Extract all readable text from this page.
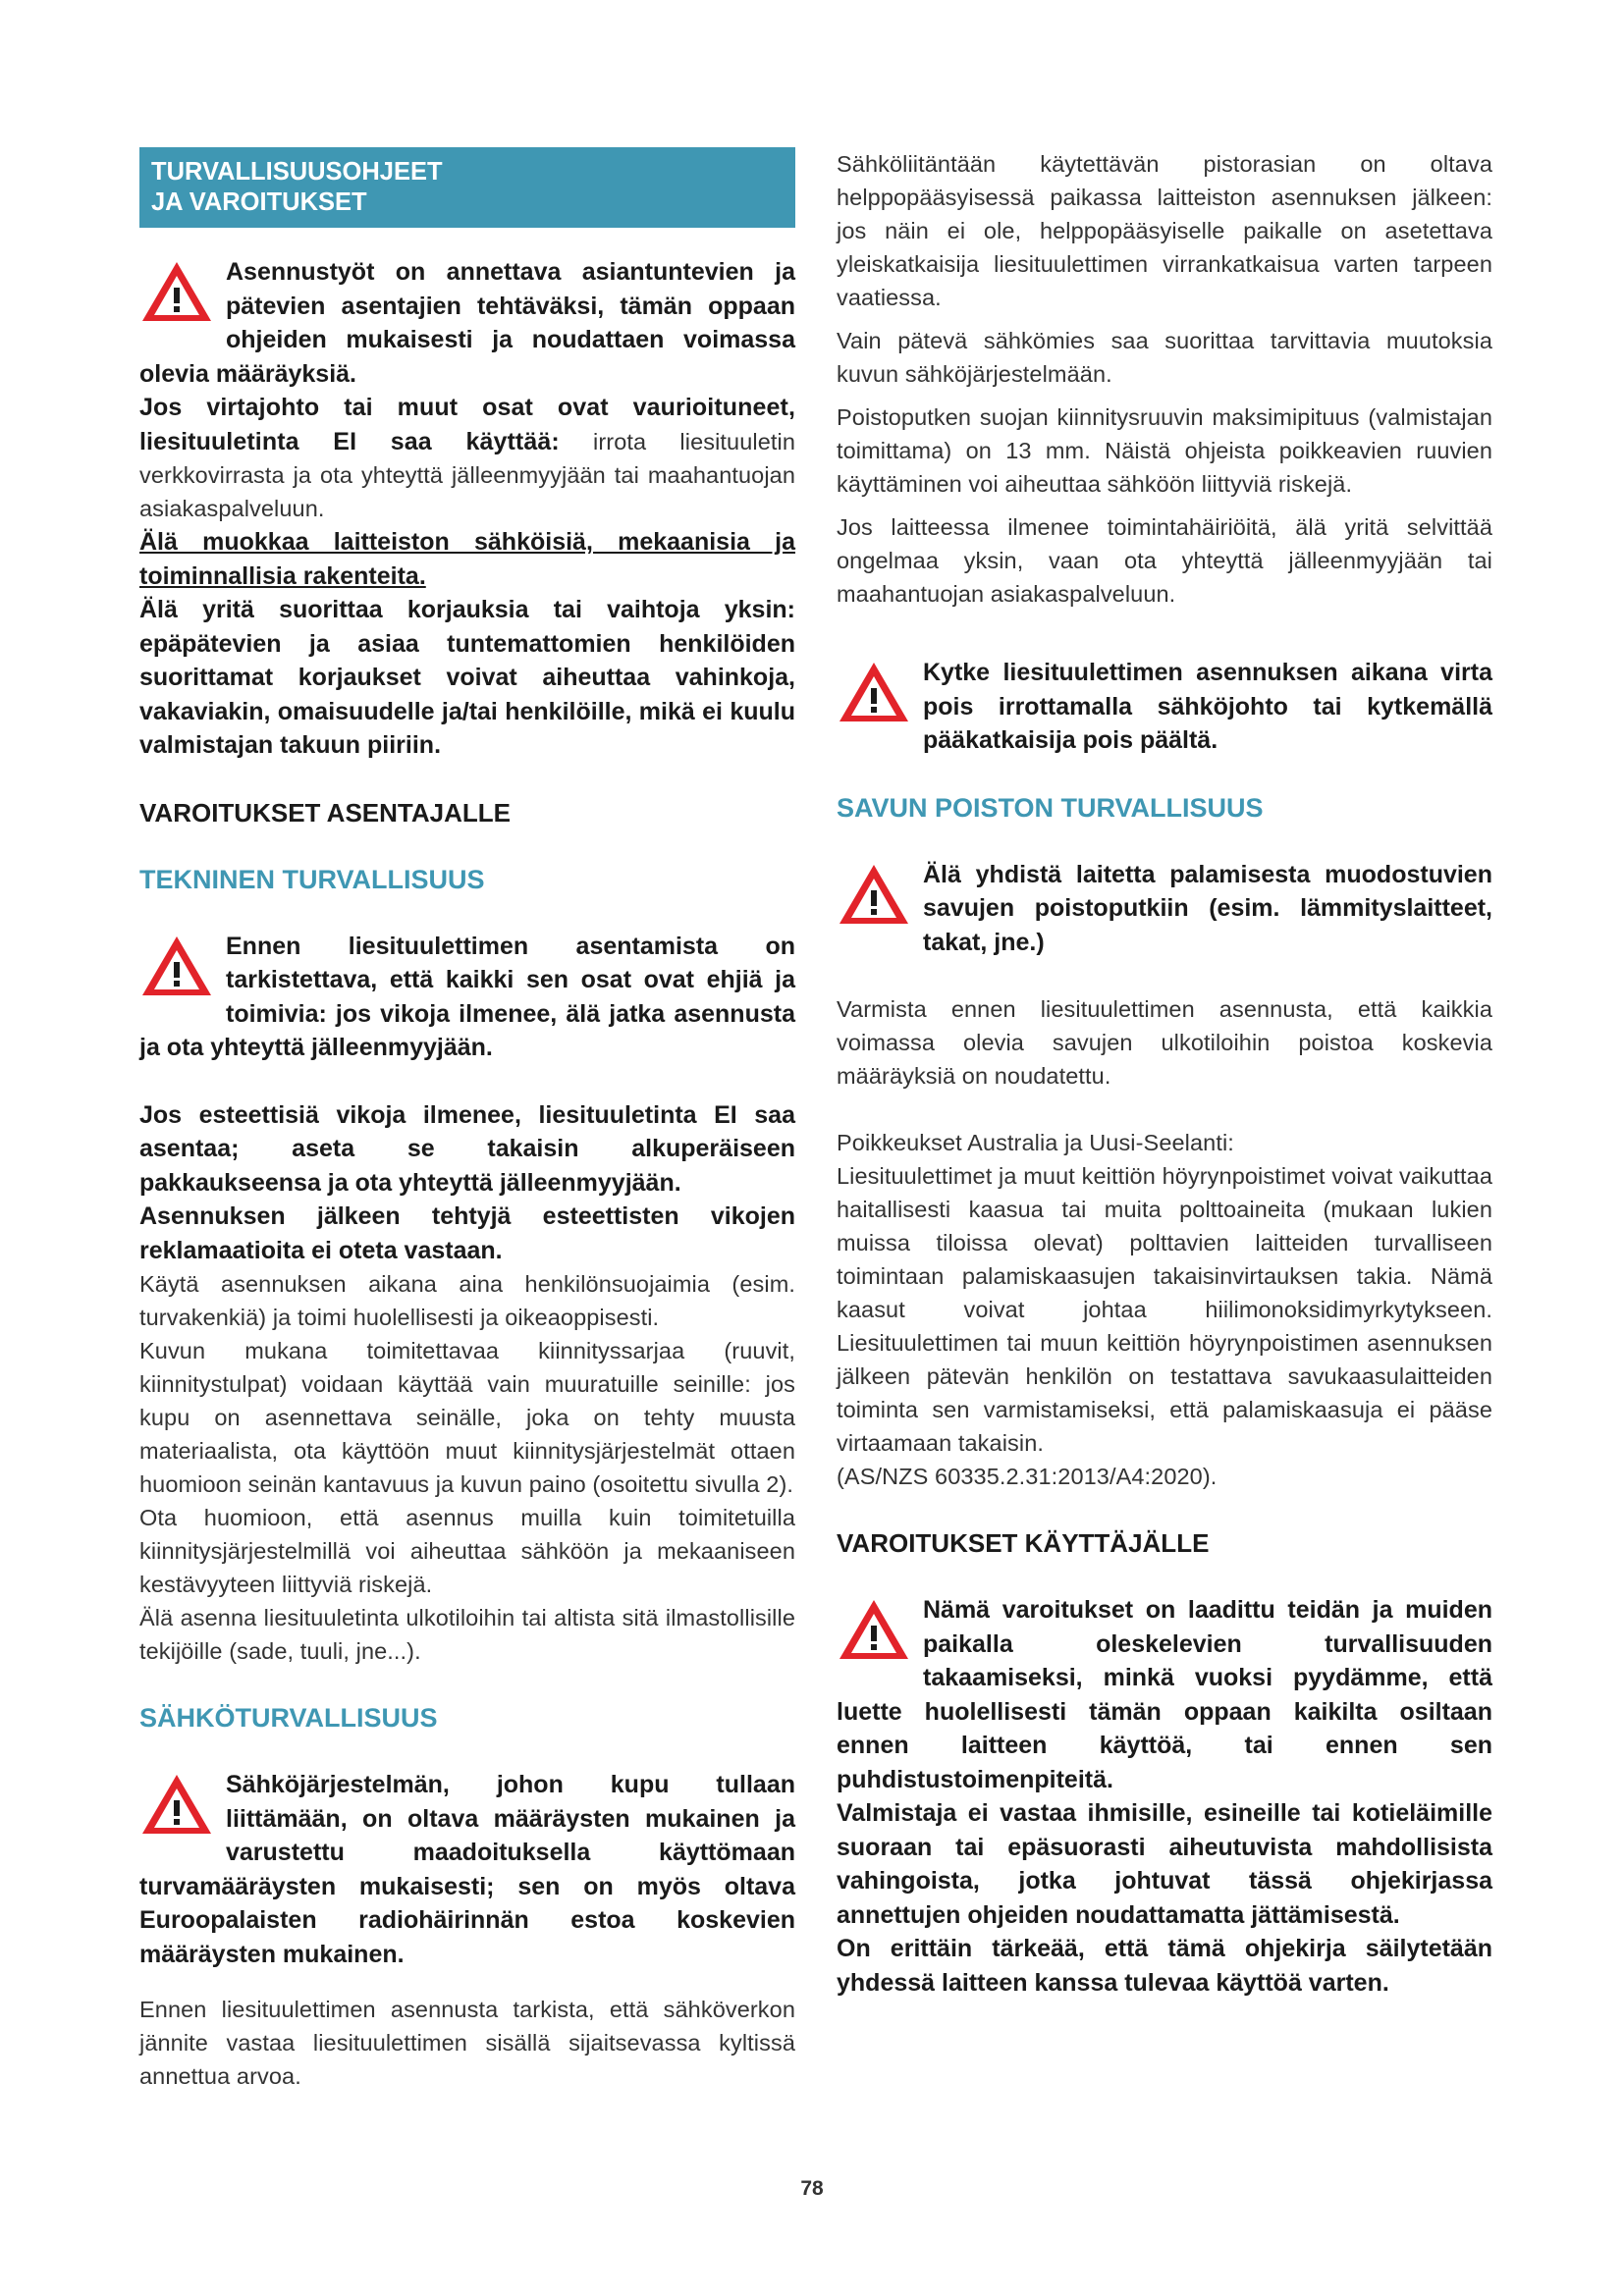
TURVALLISUUSOHJEET
JA VAROITUKSET
Asennustyöt on annettava asiantuntevien ja pätevien asentajien tehtäväksi, tämän oppaan ohjeiden mukaisesti ja noudattaen voimassa olevia määräyksiä.

Jos virtajohto tai muut osat ovat vaurioituneet, liesituuletinta EI saa käyttää: irrota liesituuletin verkkovirrasta ja ota yhteyttä jälleenmyyjään tai maahantuojan asiakaspalveluun.

Älä muokkaa laitteiston sähköisiä, mekaanisia ja toiminnallisia rakenteita.

Älä yritä suorittaa korjauksia tai vaihtoja yksin: epäpätevien ja asiaa tuntemattomien henkilöiden suorittamat korjaukset voivat aiheuttaa vahinkoja, vakaviakin, omaisuudelle ja/tai henkilöille, mikä ei kuulu valmistajan takuun piiriin.

VAROITUKSET ASENTAJALLE

TEKNINEN TURVALLISUUS

Ennen liesituulettimen asentamista on tarkistettava, että kaikki sen osat ovat ehjiä ja toimivia: jos vikoja ilmenee, älä jatka asennusta ja ota yhteyttä jälleenmyyjään.

Jos esteettisiä vikoja ilmenee, liesituuletinta EI saa asentaa; aseta se takaisin alkuperäiseen pakkaukseensa ja ota yhteyttä jälleenmyyjään.

Asennuksen jälkeen tehtyjä esteettisten vikojen reklamaatioita ei oteta vastaan.

Käytä asennuksen aikana aina henkilönsuojaimia (esim. turvakenkiä) ja toimi huolellisesti ja oikeaoppisesti.

Kuvun mukana toimitettavaa kiinnityssarjaa (ruuvit, kiinnitystulpat) voidaan käyttää vain muuratuille seinille: jos kupu on asennettava seinälle, joka on tehty muusta materiaalista, ota käyttöön muut kiinnitysjärjestelmät ottaen huomioon seinän kantavuus ja kuvun paino (osoitettu sivulla 2).

Ota huomioon, että asennus muilla kuin toimitetuilla kiinnitysjärjestelmillä voi aiheuttaa sähköön ja mekaaniseen kestävyyteen liittyviä riskejä.

Älä asenna liesituuletinta ulkotiloihin tai altista sitä ilmastollisille tekijöille (sade, tuuli, jne...).

SÄHKÖTURVALLISUUS

Sähköjärjestelmän, johon kupu tullaan liittämään, on oltava määräysten mukainen ja varustettu maadoituksella käyttömaan turvamääräysten mukaisesti; sen on myös oltava Euroopalaisten radiohäirinnän estoa koskevien määräysten mukainen.

Ennen liesituulettimen asennusta tarkista, että sähköverkon jännite vastaa liesituulettimen sisällä sijaitsevassa kyltissä annettua arvoa.

Sähköliitäntään käytettävän pistorasian on oltava helppopääsyisessä paikassa laitteiston asennuksen jälkeen: jos näin ei ole, helppopääsyiselle paikalle on asetettava yleiskatkaisija liesituulettimen virrankatkaisua varten tarpeen vaatiessa.

Vain pätevä sähkömies saa suorittaa tarvittavia muutoksia kuvun sähköjärjestelmään.

Poistoputken suojan kiinnitysruuvin maksimipituus (valmistajan toimittama) on 13 mm. Näistä ohjeista poikkeavien ruuvien käyttäminen voi aiheuttaa sähköön liittyviä riskejä.

Jos laitteessa ilmenee toimintahäiriöitä, älä yritä selvittää ongelmaa yksin, vaan ota yhteyttä jälleenmyyjään tai maahantuojan asiakaspalveluun.

Kytke liesituulettimen asennuksen aikana virta pois irrottamalla sähköjohto tai kytkemällä pääkatkaisija pois päältä.

SAVUN POISTON TURVALLISUUS

Älä yhdistä laitetta palamisesta muodostuvien savujen poistoputkiin (esim. lämmityslaitteet, takat, jne.)

Varmista ennen liesituulettimen asennusta, että kaikkia voimassa olevia savujen ulkotiloihin poistoa koskevia määräyksiä on noudatettu.

Poikkeukset Australia ja Uusi-Seelanti:

Liesituulettimet ja muut keittiön höyrynpoistimet voivat vaikuttaa haitallisesti kaasua tai muita polttoaineita (mukaan lukien muissa tiloissa olevat) polttavien laitteiden turvalliseen toimintaan palamiskaasujen takaisinvirtauksen takia. Nämä kaasut voivat johtaa hiilimonoksidimyrkytykseen. Liesituulettimen tai muun keittiön höyrynpoistimen asennuksen jälkeen pätevän henkilön on testattava savukaasulaitteiden toiminta sen varmistamiseksi, että palamiskaasuja ei pääse virtaamaan takaisin.

(AS/NZS 60335.2.31:2013/A4:2020).

VAROITUKSET KÄYTTÄJÄLLE

Nämä varoitukset on laadittu teidän ja muiden paikalla oleskelevien turvallisuuden takaamiseksi, minkä vuoksi pyydämme, että luette huolellisesti tämän oppaan kaikilta osiltaan ennen laitteen käyttöä, tai ennen sen puhdistustoimenpiteitä.

Valmistaja ei vastaa ihmisille, esineille tai kotieläimille suoraan tai epäsuorasti aiheutuvista mahdollisista vahingoista, jotka johtuvat tässä ohjekirjassa annettujen ohjeiden noudattamatta jättämisestä.

On erittäin tärkeää, että tämä ohjekirja säilytetään yhdessä laitteen kanssa tulevaa käyttöä varten.

78
